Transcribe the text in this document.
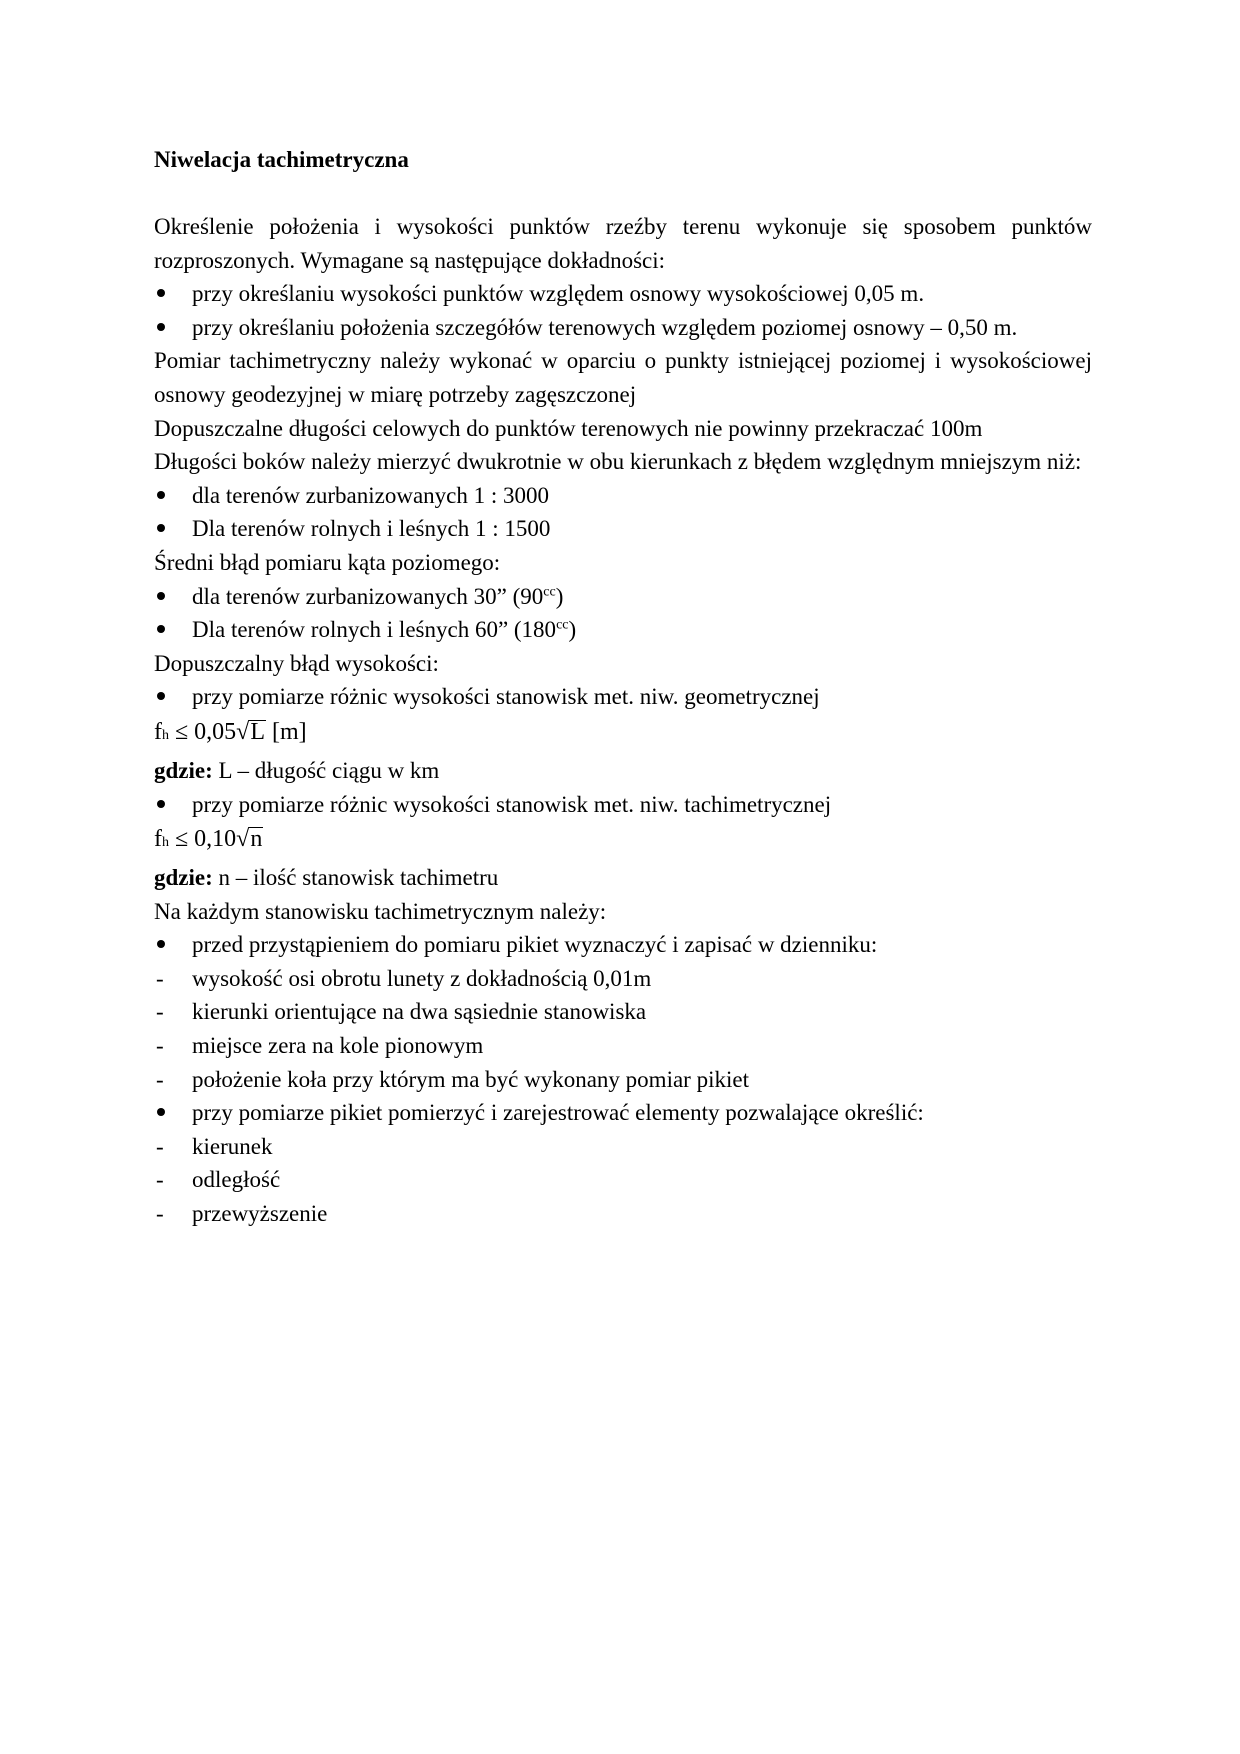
Niwelacja tachimetryczna

Określenie położenia i wysokości punktów rzeźby terenu wykonuje się sposobem punktów rozproszonych. Wymagane są następujące dokładności:

przy określaniu wysokości punktów względem osnowy wysokościowej 0,05 m.

przy określaniu położenia szczegółów terenowych względem poziomej osnowy – 0,50 m.

Pomiar tachimetryczny należy wykonać w oparciu o punkty istniejącej poziomej i wysokościowej osnowy geodezyjnej w miarę potrzeby zagęszczonej

Dopuszczalne długości celowych do punktów terenowych nie powinny przekraczać 100m

Długości boków należy mierzyć dwukrotnie w obu kierunkach z błędem względnym mniejszym niż:

dla terenów zurbanizowanych 1 : 3000

Dla terenów rolnych i leśnych 1 : 1500

Średni błąd pomiaru kąta poziomego:

dla terenów zurbanizowanych 30” $(90^{cc})$

Dla terenów rolnych i leśnych 60” $(180^{cc})$

Dopuszczalny błąd wysokości:

przy pomiarze różnic wysokości stanowisk met. niw. geometrycznej

fh ≤ 0,05√L [m]

gdzie: L – długość ciągu w km

przy pomiarze różnic wysokości stanowisk met. niw. tachimetrycznej

fh ≤ 0,10√n

gdzie: n – ilość stanowisk tachimetru

Na każdym stanowisku tachimetrycznym należy:

przed przystąpieniem do pomiaru pikiet wyznaczyć i zapisać w dzienniku:

- wysokość osi obrotu lunety z dokładnością 0,01m

- kierunki orientujące na dwa sąsiednie stanowiska

- miejsce zera na kole pionowym

- położenie koła przy którym ma być wykonany pomiar pikiet

przy pomiarze pikiet pomierzyć i zarejestrować elementy pozwalające określić:

- kierunek

- odległość

- przewyższenie
